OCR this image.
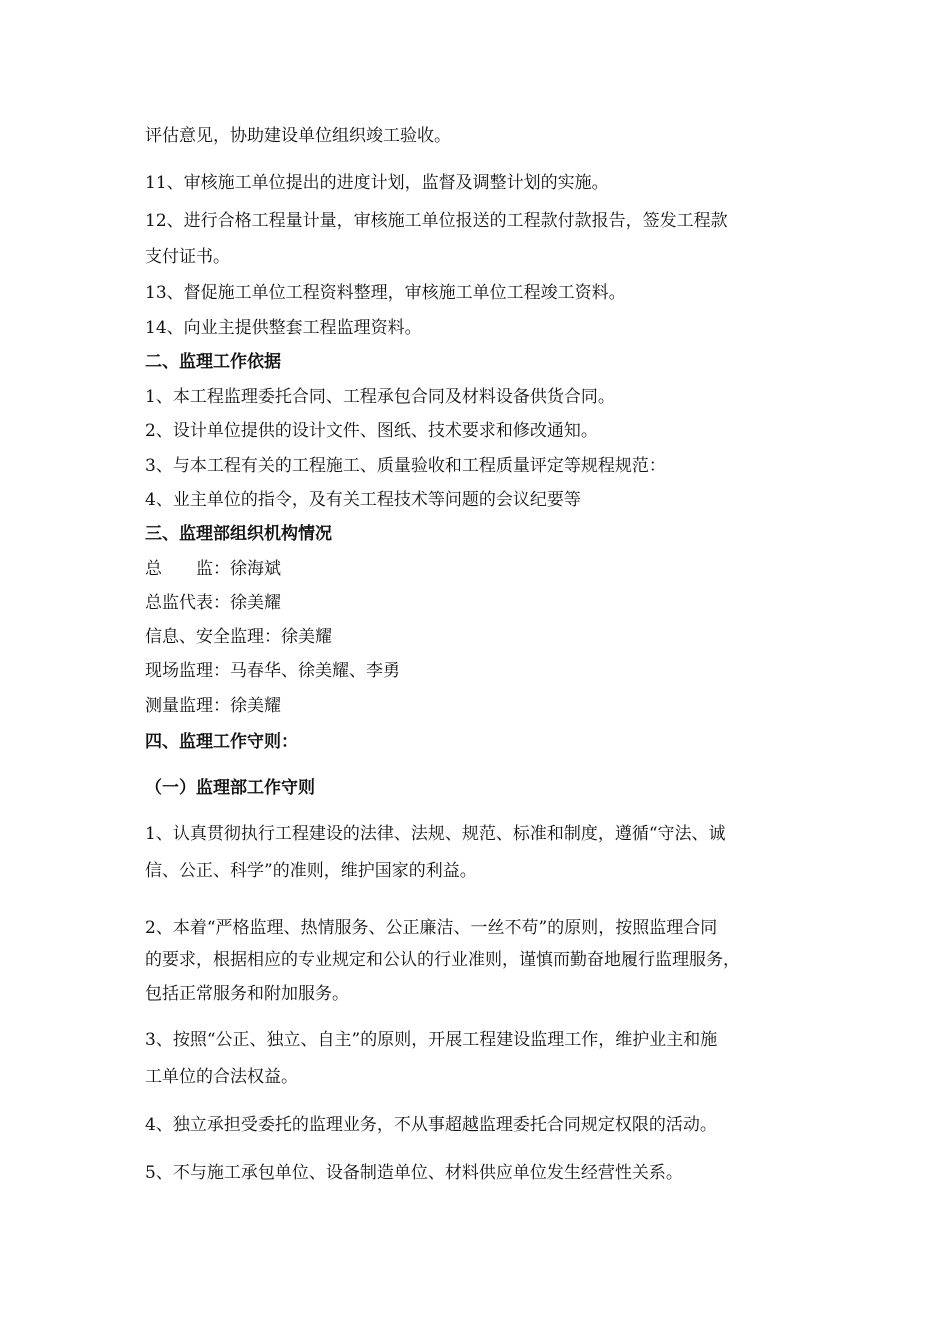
评估意见，协助建设单位组织竣工验收。
11、审核施工单位提出的进度计划，监督及调整计划的实施。
12、进行合格工程量计量，审核施工单位报送的工程款付款报告，签发工程款
支付证书。
13、督促施工单位工程资料整理，审核施工单位工程竣工资料。
14、向业主提供整套工程监理资料。
二、监理工作依据
1、本工程监理委托合同、工程承包合同及材料设备供货合同。
2、设计单位提供的设计文件、图纸、技术要求和修改通知。
3、与本工程有关的工程施工、质量验收和工程质量评定等规程规范：
4、业主单位的指令，及有关工程技术等问题的会议纪要等
三、监理部组织机构情况
总　　监：徐海斌
总监代表：徐美耀
信息、安全监理：徐美耀
现场监理：马春华、徐美耀、李勇
测量监理：徐美耀
四、监理工作守则：
（一）监理部工作守则
1、认真贯彻执行工程建设的法律、法规、规范、标准和制度，遵循“守法、诚
信、公正、科学”的准则，维护国家的利益。
2、本着“严格监理、热情服务、公正廉洁、一丝不苟”的原则，按照监理合同
的要求，根据相应的专业规定和公认的行业准则，谨慎而勤奋地履行监理服务，
包括正常服务和附加服务。
3、按照“公正、独立、自主”的原则，开展工程建设监理工作，维护业主和施
工单位的合法权益。
4、独立承担受委托的监理业务，不从事超越监理委托合同规定权限的活动。
5、不与施工承包单位、设备制造单位、材料供应单位发生经营性关系。
